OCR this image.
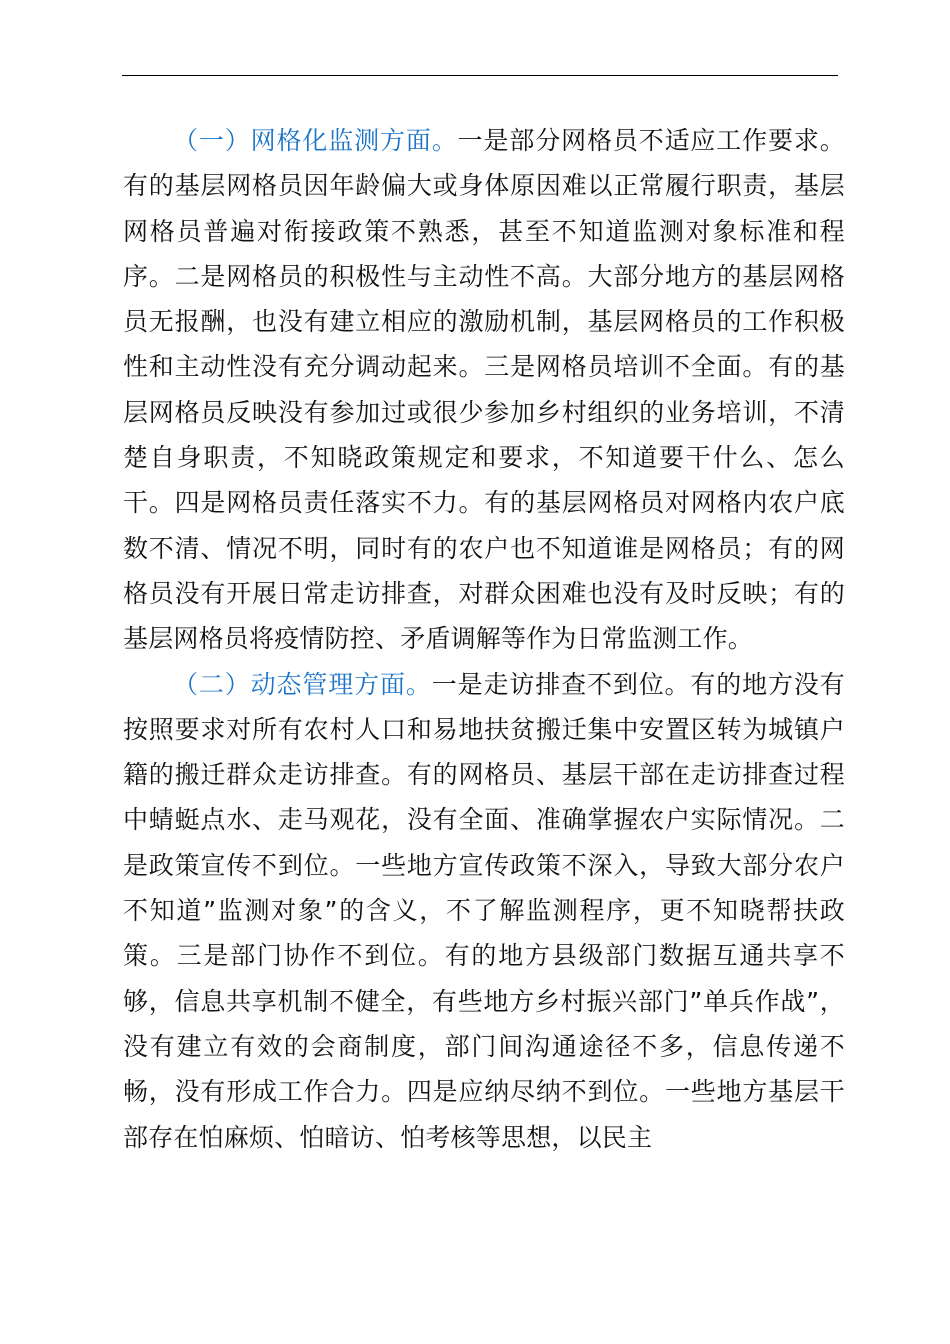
（一）网格化监测方面。一是部分网格员不适应工作要求。有的基层网格员因年龄偏大或身体原因难以正常履行职责，基层网格员普遍对衔接政策不熟悉，甚至不知道监测对象标准和程序。二是网格员的积极性与主动性不高。大部分地方的基层网格员无报酬，也没有建立相应的激励机制，基层网格员的工作积极性和主动性没有充分调动起来。三是网格员培训不全面。有的基层网格员反映没有参加过或很少参加乡村组织的业务培训，不清楚自身职责，不知晓政策规定和要求，不知道要干什么、怎么干。四是网格员责任落实不力。有的基层网格员对网格内农户底数不清、情况不明，同时有的农户也不知道谁是网格员；有的网格员没有开展日常走访排查，对群众困难也没有及时反映；有的基层网格员将疫情防控、矛盾调解等作为日常监测工作。

（二）动态管理方面。一是走访排查不到位。有的地方没有按照要求对所有农村人口和易地扶贫搬迁集中安置区转为城镇户籍的搬迁群众走访排查。有的网格员、基层干部在走访排查过程中蜻蜓点水、走马观花，没有全面、准确掌握农户实际情况。二是政策宣传不到位。一些地方宣传政策不深入，导致大部分农户不知道”监测对象”的含义，不了解监测程序，更不知晓帮扶政策。三是部门协作不到位。有的地方县级部门数据互通共享不够，信息共享机制不健全，有些地方乡村振兴部门”单兵作战”，没有建立有效的会商制度，部门间沟通途径不多，信息传递不畅，没有形成工作合力。四是应纳尽纳不到位。一些地方基层干部存在怕麻烦、怕暗访、怕考核等思想，以民主
